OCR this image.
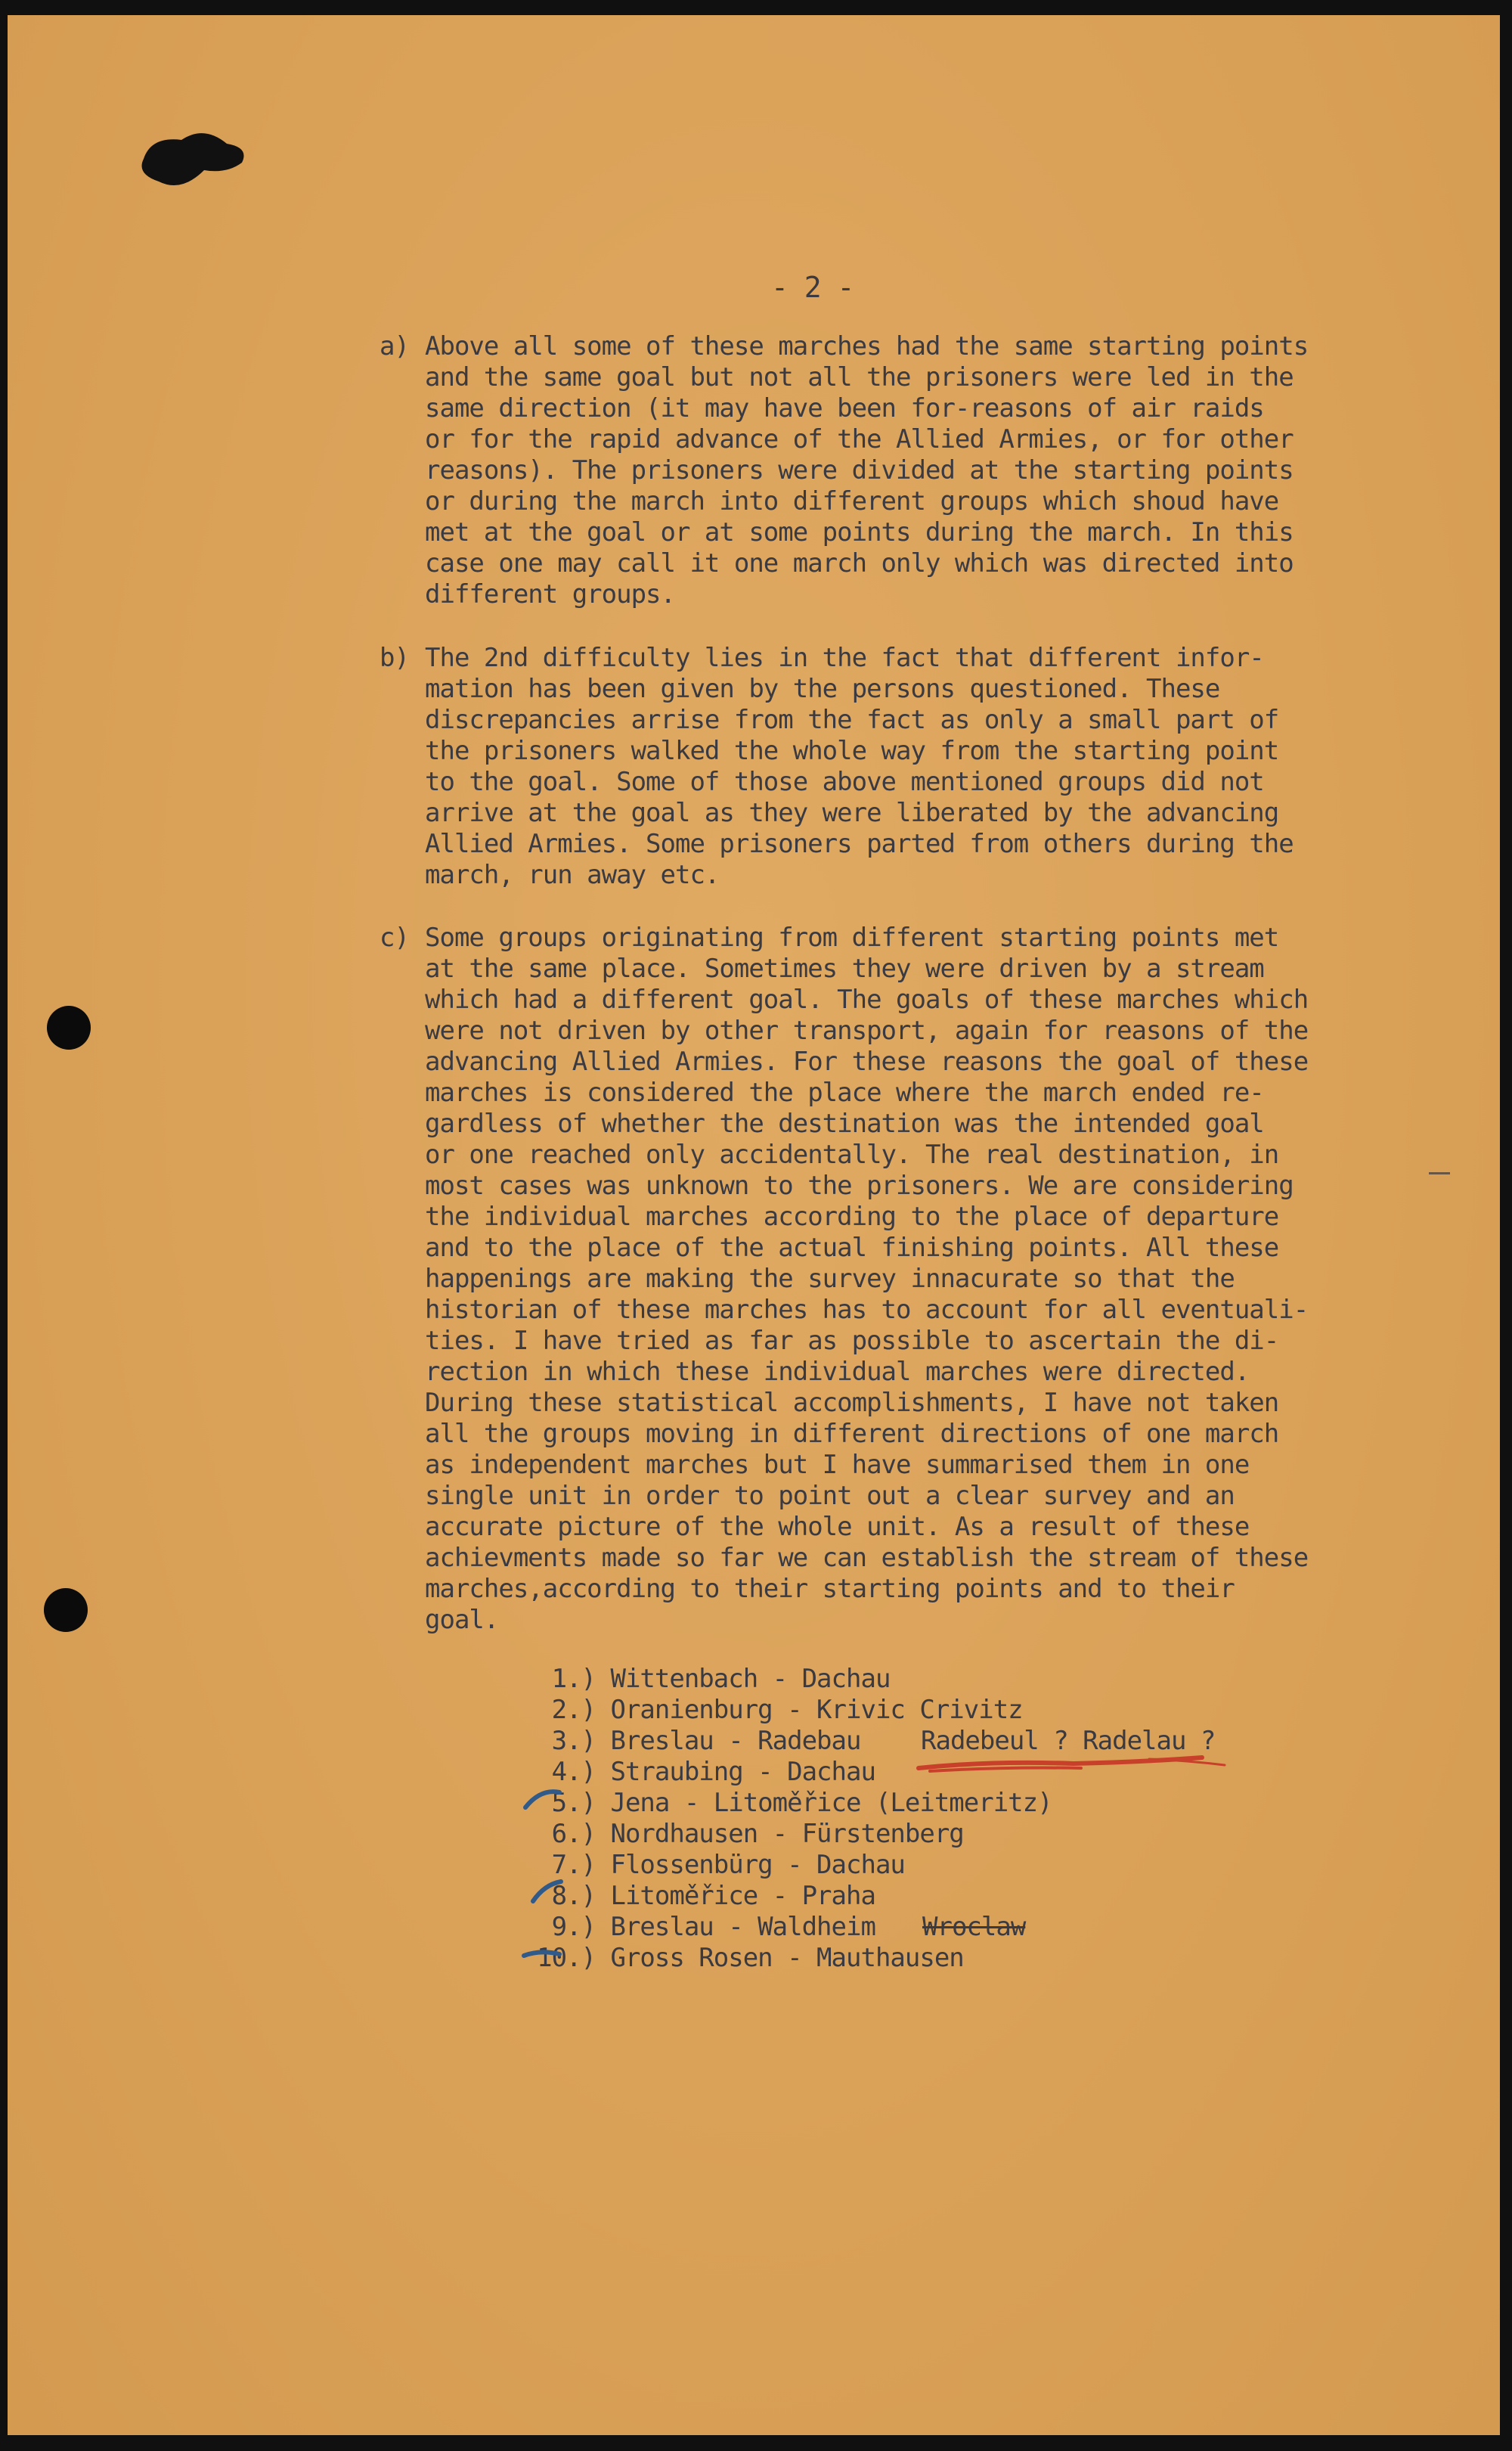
- 2 -
a) Above all some of these marches had the same starting points
and the same goal but not all the prisoners were led in the
same direction (it may have been for-reasons of air raids
or for the rapid advance of the Allied Armies, or for other
reasons). The prisoners were divided at the starting points
or during the march into different groups which shoud have
met at the goal or at some points during the march. In this
case one may call it one march only which was directed into
different groups.
b) The 2nd difficulty lies in the fact that different infor-
mation has been given by the persons questioned. These
discrepancies arrise from the fact as only a small part of
the prisoners walked the whole way from the starting point
to the goal. Some of those above mentioned groups did not
arrive at the goal as they were liberated by the advancing
Allied Armies. Some prisoners parted from others during the
march, run away etc.
c) Some groups originating from different starting points met
at the same place. Sometimes they were driven by a stream
which had a different goal. The goals of these marches which
were not driven by other transport, again for reasons of the
advancing Allied Armies. For these reasons the goal of these
marches is considered the place where the march ended re-
gardless of whether the destination was the intended goal
or one reached only accidentally. The real destination, in
most cases was unknown to the prisoners. We are considering
the individual marches according to the place of departure
and to the place of the actual finishing points. All these
happenings are making the survey innacurate so that the
historian of these marches has to account for all eventuali-
ties. I have tried as far as possible to ascertain the di-
rection in which these individual marches were directed.
During these statistical accomplishments, I have not taken
all the groups moving in different directions of one march
as independent marches but I have summarised them in one
single unit in order to point out a clear survey and an
accurate picture of the whole unit. As a result of these
achievments made so far we can establish the stream of these
marches,according to their starting points and to their
goal.
1.) Wittenbach - Dachau
2.) Oranienburg - Krivic Crivitz
3.) Breslau - Radebau
4.) Straubing - Dachau
5.) Jena - Litoměřice (Leitmeritz)
6.) Nordhausen - Fürstenberg
7.) Flossenbürg - Dachau
8.) Litoměřice - Praha
9.) Breslau - Waldheim
10.) Gross Rosen - Mauthausen
Radebeul ? Radelau ?
Wroclaw
